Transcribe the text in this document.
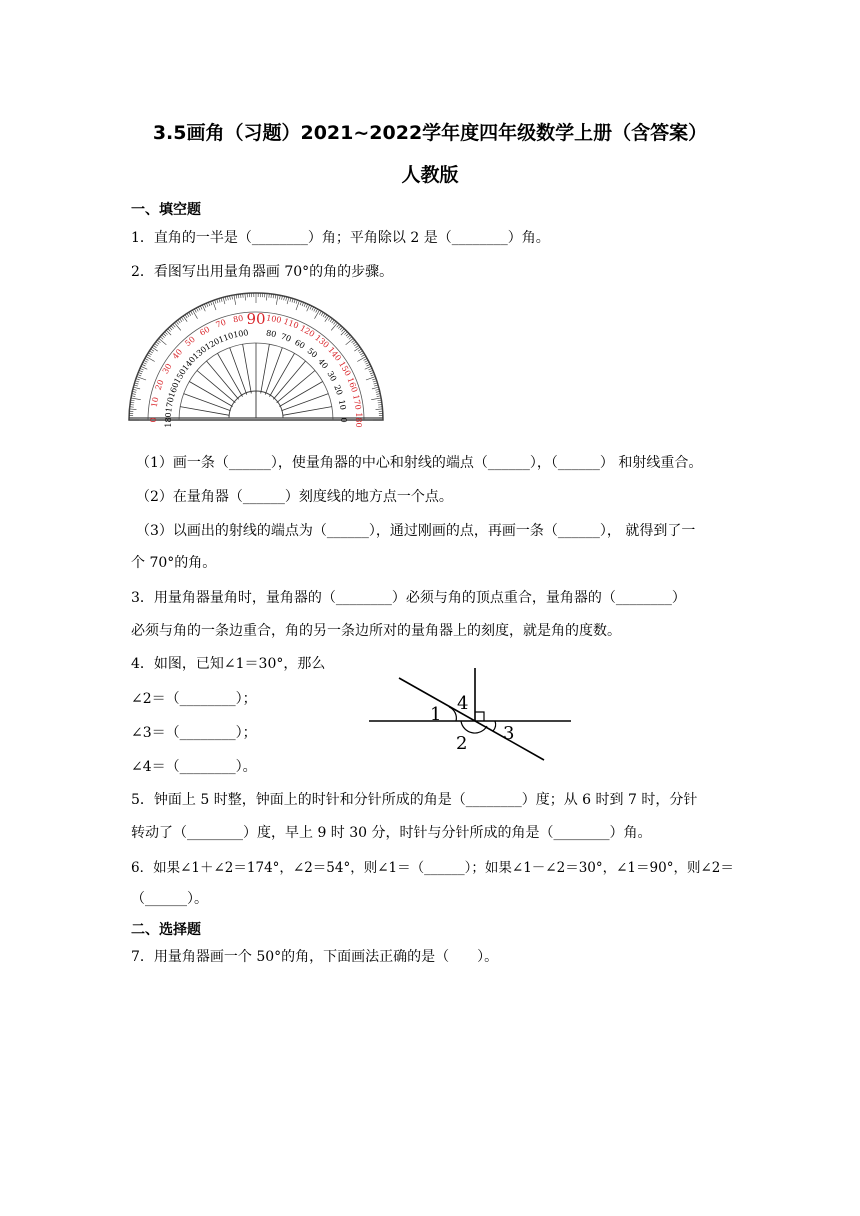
3.5画角（习题）2021~2022学年度四年级数学上册（含答案）
人教版
一、填空题
1．直角的一半是（________）角；平角除以 2 是（________）角。
2．看图写出用量角器画 70°的角的步骤。
0 180
10 170
20 160
30
150
40
140
50
130
60
120
70
110
80
100
100
80
110
70 120
60 130
50 140
40 150
30 160
20
170
10
180
0
90
（1）画一条（______），使量角器的中心和射线的端点（______），（______） 和射线重合。
（2）在量角器（______）刻度线的地方点一个点。
（3）以画出的射线的端点为（______），通过刚画的点，再画一条（______）， 就得到了一
个 70°的角。
3．用量角器量角时，量角器的（________）必须与角的顶点重合，量角器的（________）
必须与角的一条边重合，角的另一条边所对的量角器上的刻度，就是角的度数。
4．如图，已知∠1＝30°，那么
∠2＝（________）；
∠3＝（________）；
∠4＝（________）。
1
2 3
4
5．钟面上 5 时整，钟面上的时针和分针所成的角是（________）度；从 6 时到 7 时，分针
转动了（________）度，早上 9 时 30 分，时针与分针所成的角是（________）角。
6．如果∠1＋∠2＝174°，∠2＝54°，则∠1＝（______）；如果∠1－∠2＝30°，∠1＝90°，则∠2＝
（______）。
二、选择题
7．用量角器画一个 50°的角，下面画法正确的是（　　）。
